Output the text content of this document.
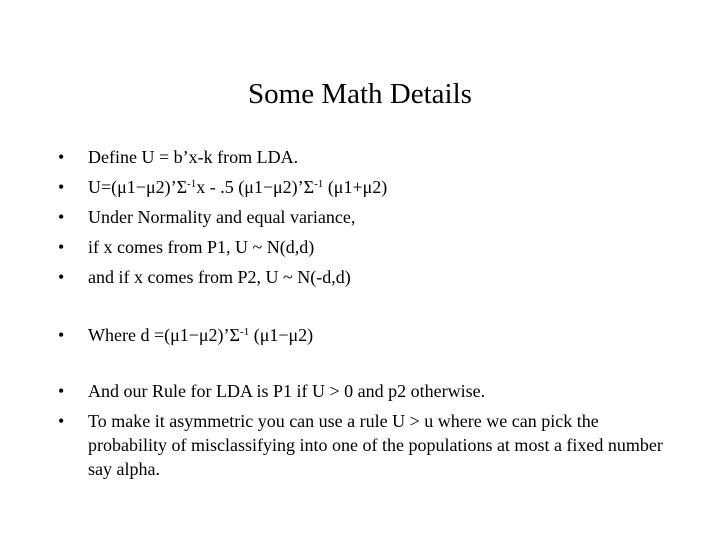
Some Math Details
• Define U = b’x-k from LDA.
• $U=(\mu 1-\mu 2)’\Sigma^{-1}x - .5$ $(\mu 1-\mu 2)’\Sigma^{-1}$ (μ1+μ2)
• Under Normality and equal variance,
• if x comes from P1, U ~ N(d,d)
• and if x comes from P2, U ~ N(-d,d)
• Where $d =(\mu 1-\mu 2)’\Sigma^{-1}$ (μ1−μ2)
• And our Rule for LDA is P1 if U > 0 and p2 otherwise.
• To make it asymmetric you can use a rule U > u where we can pick the probability of misclassifying into one of the populations at most a fixed number say alpha.
